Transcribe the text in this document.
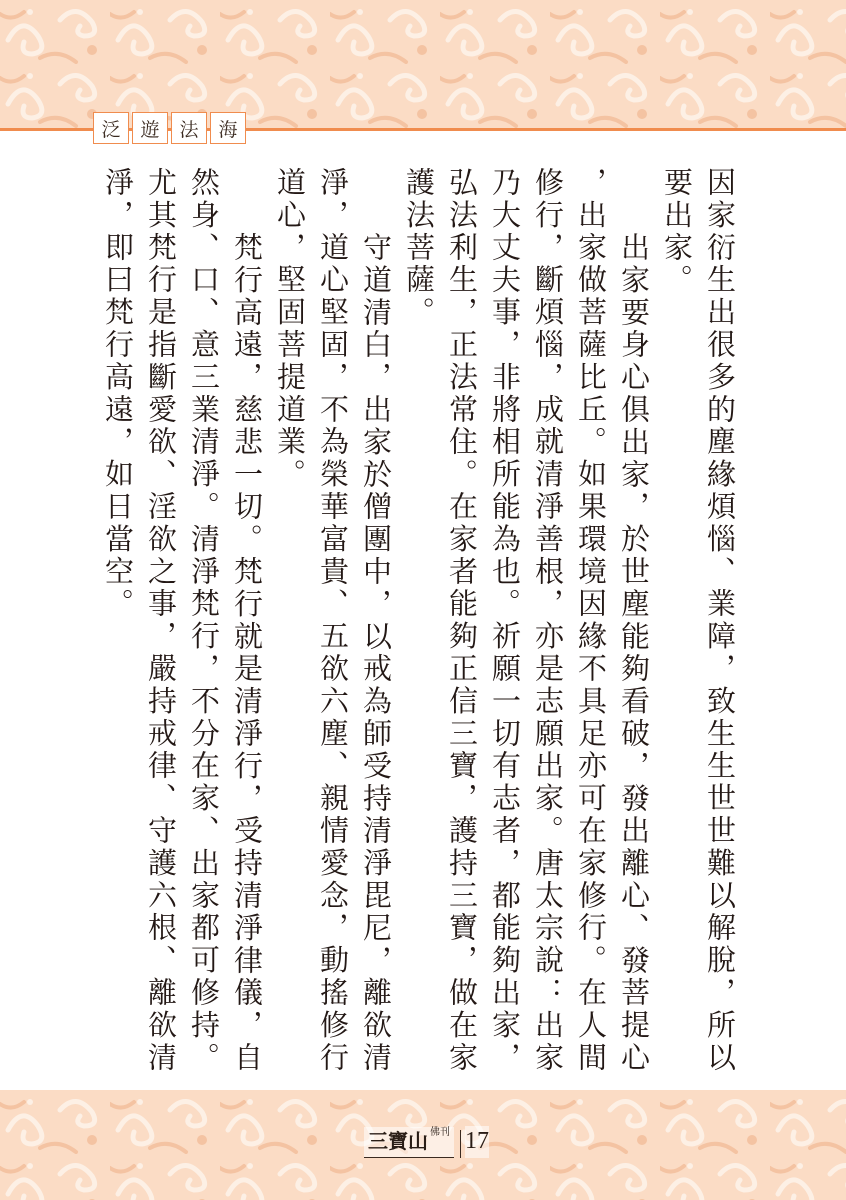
泛	遊	法	海
因家衍生出很多的塵緣煩惱、業障，致生生世世難以解脫，所以
要出家。
出家要身心俱出家，於世塵能夠看破，發出離心、發菩提心
，出家做菩薩比丘。如果環境因緣不具足亦可在家修行。在人間
修行，斷煩惱，成就清淨善根，亦是志願出家。唐太宗說：出家
乃大丈夫事，非將相所能為也。祈願一切有志者，都能夠出家，
弘法利生，正法常住。在家者能夠正信三寶，護持三寶，做在家
護法菩薩。
守道清白，出家於僧團中，以戒為師受持清淨毘尼，離欲清
淨，道心堅固，不為榮華富貴、五欲六塵、親情愛念，動搖修行
道心，堅固菩提道業。
梵行高遠，慈悲一切。梵行就是清淨行，受持清淨律儀，自
然身、口、意三業清淨。清淨梵行，不分在家、出家都可修持。
尤其梵行是指斷愛欲、淫欲之事，嚴持戒律、守護六根、離欲清
淨，即曰梵行高遠，如日當空。
三寶山 佛刊 17
